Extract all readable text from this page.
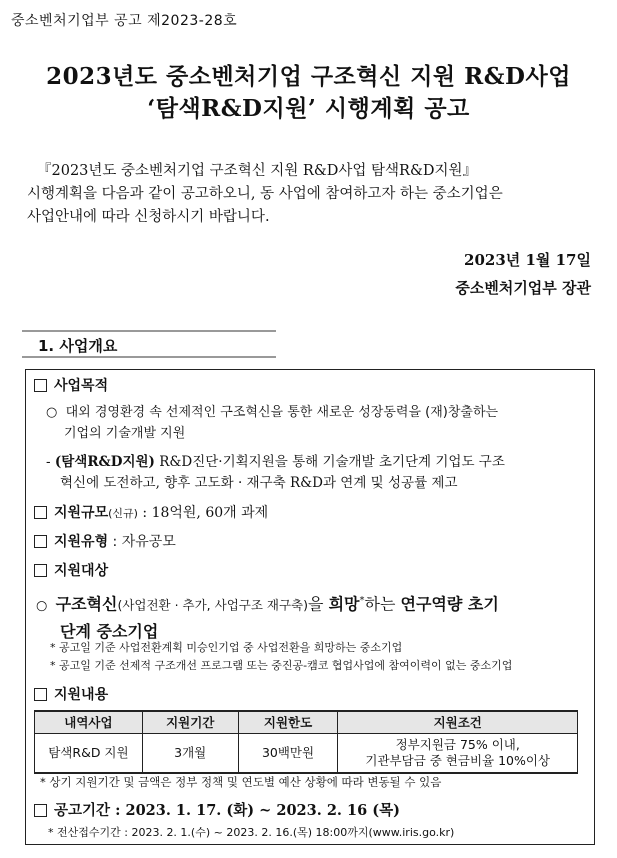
중소벤처기업부 공고 제2023-28호
2023년도 중소벤처기업 구조혁신 지원 R&D사업
‘탐색R&D지원’ 시행계획 공고
『2023년도 중소벤처기업 구조혁신 지원 R&D사업 탐색R&D지원』
시행계획을 다음과 같이 공고하오니, 동 사업에 참여하고자 하는 중소기업은
사업안내에 따라 신청하시기 바랍니다.
2023년 1월 17일
중소벤처기업부 장관
1. 사업개요
사업목적
○  대외 경영환경 속 선제적인 구조혁신을 통한 새로운 성장동력을 (재)창출하는
기업의 기술개발 지원
- (탐색R&D지원) R&D진단·기획지원을 통해 기술개발 초기단계 기업도 구조
혁신에 도전하고, 향후 고도화 · 재구축 R&D과 연계 및 성공률 제고
지원규모(신규) : 18억원, 60개 과제
지원유형 : 자유공모
지원대상
○  구조혁신(사업전환 · 추가, 사업구조 재구축)을 희망*하는 연구역량 초기
단계 중소기업
* 공고일 기준 사업전환계획 미승인기업 중 사업전환을 희망하는 중소기업
* 공고일 기준 선제적 구조개선 프로그램 또는 중진공-캠코 협업사업에 참여이력이 없는 중소기업
지원내용
내역사업	지원기간	지원한도	지원조건
탐색R&D 지원	3개월	30백만원	정부지원금 75% 이내,
기관부담금 중 현금비율 10%이상
* 상기 지원기간 및 금액은 정부 정책 및 연도별 예산 상황에 따라 변동될 수 있음
공고기간 : 2023. 1. 17. (화) ~ 2023. 2. 16 (목)
* 전산접수기간 : 2023. 2. 1.(수) ~ 2023. 2. 16.(목) 18:00까지(www.iris.go.kr)
